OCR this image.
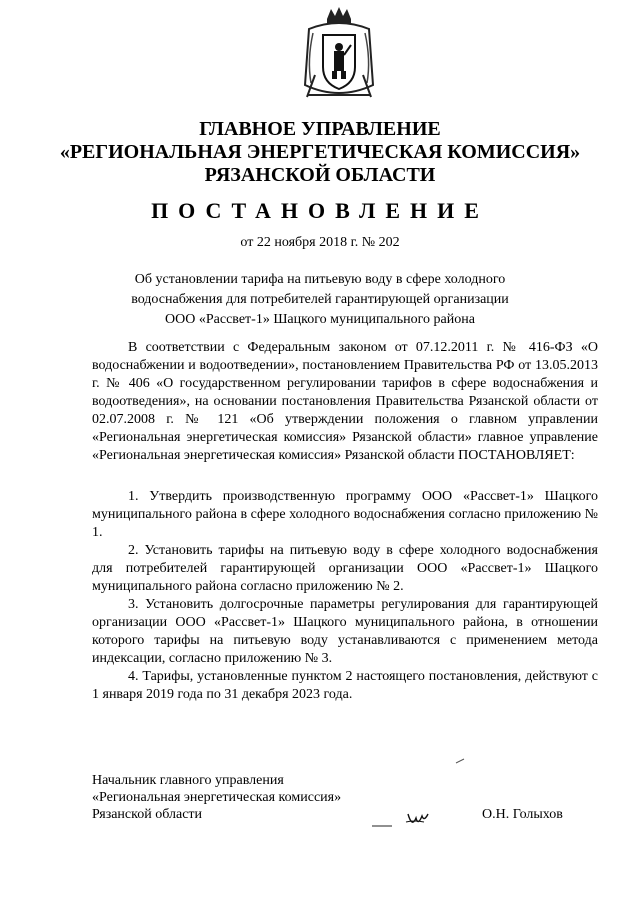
ГЛАВНОЕ УПРАВЛЕНИЕ
«РЕГИОНАЛЬНАЯ ЭНЕРГЕТИЧЕСКАЯ КОМИССИЯ»
РЯЗАНСКОЙ ОБЛАСТИ
ПОСТАНОВЛЕНИЕ
от 22 ноября 2018 г. № 202
Об установлении тарифа на питьевую воду в сфере холодного водоснабжения для потребителей гарантирующей организации ООО «Рассвет-1» Шацкого муниципального района

В соответствии с Федеральным законом от 07.12.2011 г. № 416-ФЗ «О водоснабжении и водоотведении», постановлением Правительства РФ от 13.05.2013 г. № 406 «О государственном регулировании тарифов в сфере водоснабжения и водоотведения», на основании постановления Правительства Рязанской области от 02.07.2008 г. № 121 «Об утверждении положения о главном управлении «Региональная энергетическая комиссия» Рязанской области» главное управление «Региональная энергетическая комиссия» Рязанской области ПОСТАНОВЛЯЕТ:

1. Утвердить производственную программу ООО «Рассвет-1» Шацкого муниципального района в сфере холодного водоснабжения согласно приложению № 1.

2. Установить тарифы на питьевую воду в сфере холодного водоснабжения для потребителей гарантирующей организации ООО «Рассвет-1» Шацкого муниципального района согласно приложению № 2.

3. Установить долгосрочные параметры регулирования для гарантирующей организации ООО «Рассвет-1» Шацкого муниципального района, в отношении которого тарифы на питьевую воду устанавливаются с применением метода индексации, согласно приложению № 3.

4. Тарифы, установленные пунктом 2 настоящего постановления, действуют с 1 января 2019 года по 31 декабря 2023 года.

Начальник главного управления
«Региональная энергетическая комиссия»
Рязанской области	О.Н. Голыхов
